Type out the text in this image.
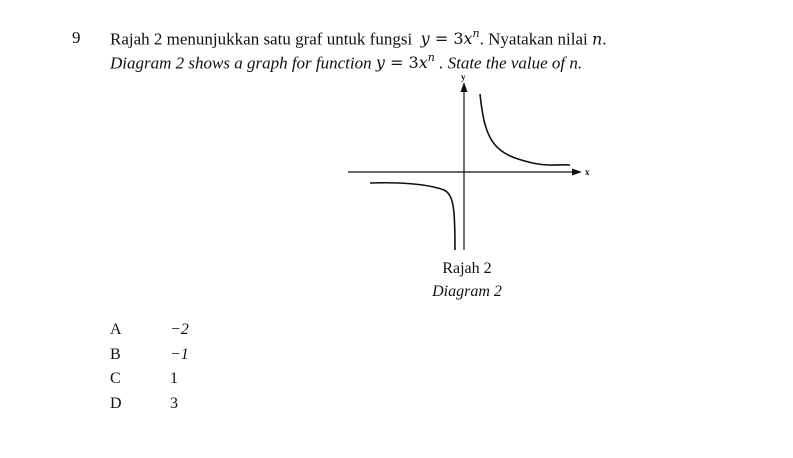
9 Rajah 2 menunjukkan satu graf untuk fungsi $y = 3x^n$. Nyatakan nilai n.
Diagram 2 shows a graph for function $y = 3x^n$ . State the value of n.
y
x
Rajah 2
Diagram 2
A	−2
B	−1
C	1
D	3
